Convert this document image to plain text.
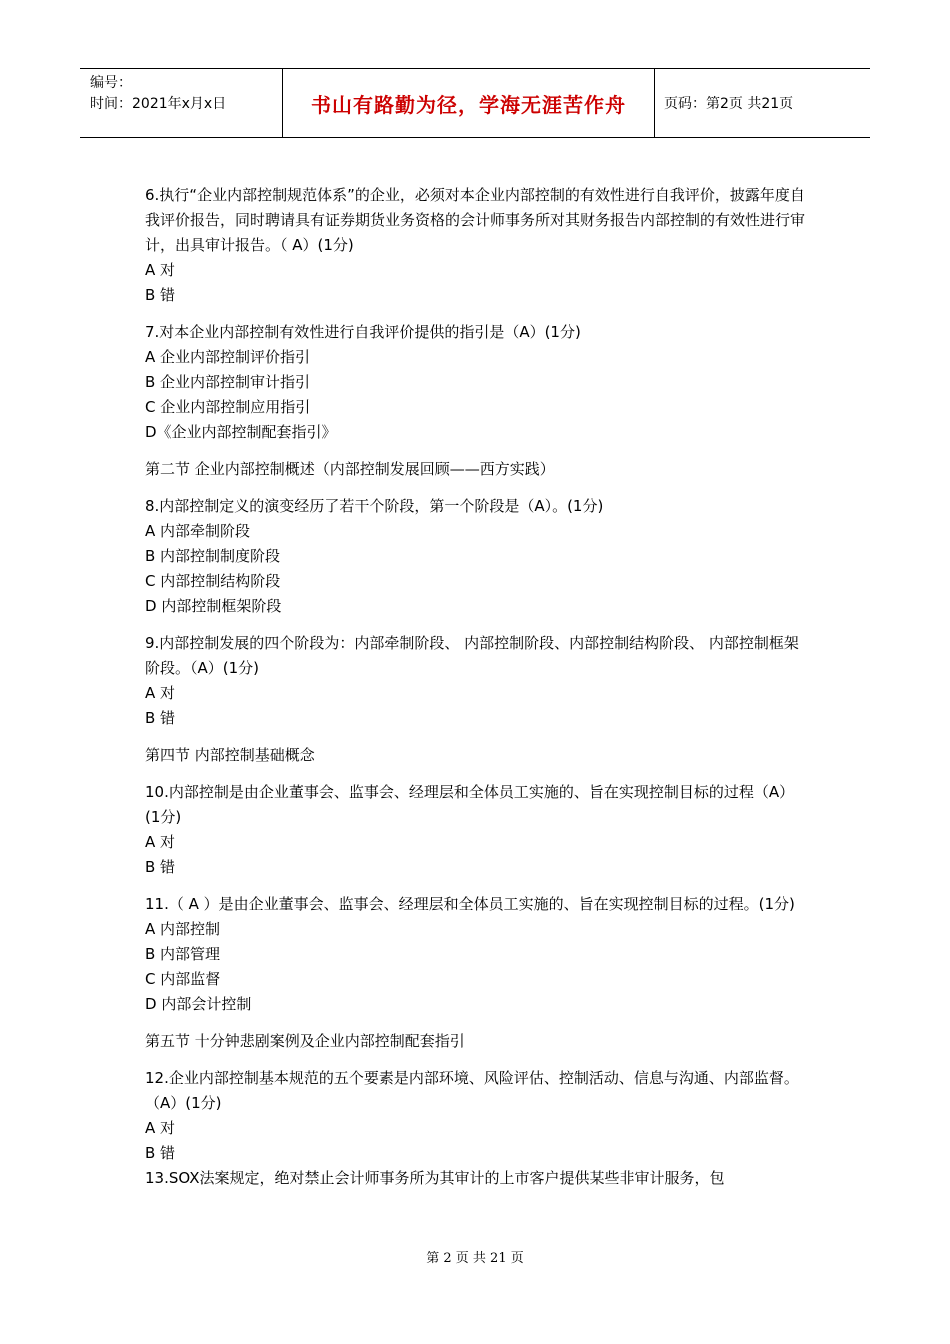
编号：
时间：2021年x月x日	书山有路勤为径，学海无涯苦作舟	页码：第2页 共21页
6.执行“企业内部控制规范体系”的企业，必须对本企业内部控制的有效性进行自我评价，披露年度自我评价报告，同时聘请具有证券期货业务资格的会计师事务所对其财务报告内部控制的有效性进行审计，出具审计报告。（ A）(1分)
A 对
B 错
7.对本企业内部控制有效性进行自我评价提供的指引是（A）(1分)
A 企业内部控制评价指引
B 企业内部控制审计指引
C 企业内部控制应用指引
D《企业内部控制配套指引》
第二节 企业内部控制概述（内部控制发展回顾——西方实践）
8.内部控制定义的演变经历了若干个阶段，第一个阶段是（A）。(1分)
A 内部牵制阶段
B 内部控制制度阶段
C 内部控制结构阶段
D 内部控制框架阶段
9.内部控制发展的四个阶段为：内部牵制阶段、 内部控制阶段、内部控制结构阶段、 内部控制框架阶段。（A）(1分)
A 对
B 错
第四节 内部控制基础概念
10.内部控制是由企业董事会、监事会、经理层和全体员工实施的、旨在实现控制目标的过程（A）(1分)
A 对
B 错
11.（ A ）是由企业董事会、监事会、经理层和全体员工实施的、旨在实现控制目标的过程。(1分)
A 内部控制
B 内部管理
C 内部监督
D 内部会计控制
第五节 十分钟悲剧案例及企业内部控制配套指引
12.企业内部控制基本规范的五个要素是内部环境、风险评估、控制活动、信息与沟通、内部监督。（A）(1分)
A 对
B 错
13.SOX法案规定，绝对禁止会计师事务所为其审计的上市客户提供某些非审计服务，包
第 2 页 共 21 页
